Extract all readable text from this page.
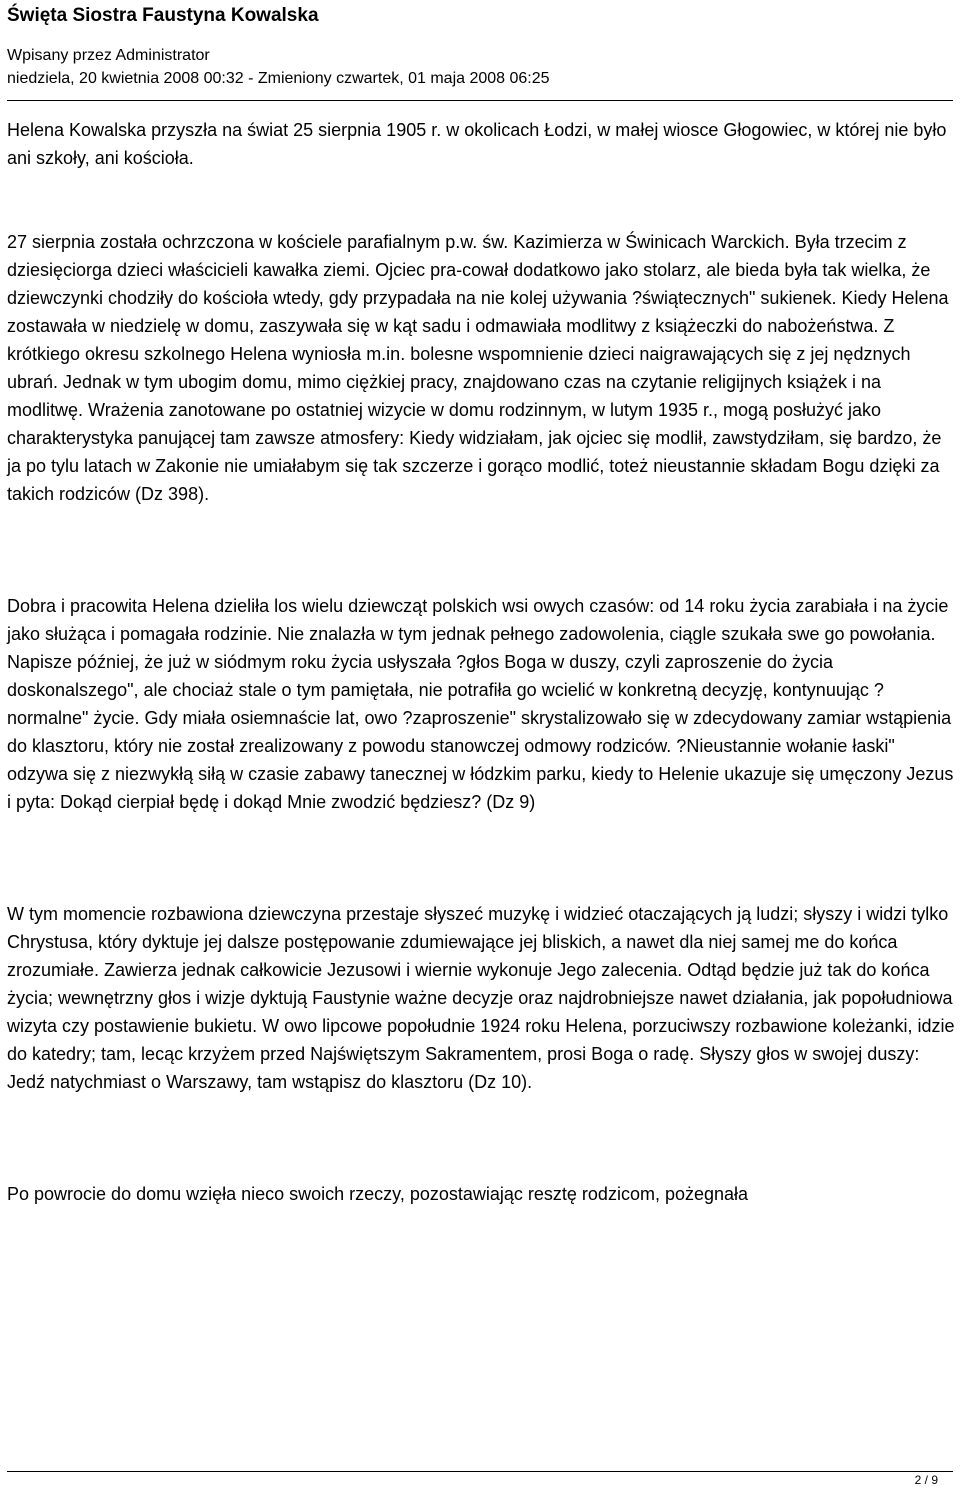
Święta Siostra Faustyna Kowalska
Wpisany przez Administrator
niedziela, 20 kwietnia 2008 00:32 - Zmieniony czwartek, 01 maja 2008 06:25

Helena Kowalska przyszła na świat 25 sierpnia 1905 r. w okolicach Łodzi, w małej wiosce Głogowiec, w której nie było ani szkoły, ani kościoła.

27 sierpnia została ochrzczona w kościele parafialnym p.w. św. Kazimierza w Świnicach Warckich. Była trzecim z dziesięciorga dzieci właścicieli kawałka ziemi. Ojciec pra-cował dodatkowo jako stolarz, ale bieda była tak wielka, że dziewczynki chodziły do kościoła wtedy, gdy przypadała na nie kolej używania ?świątecznych" sukienek. Kiedy Helena zostawała w niedzielę w domu, zaszywała się w kąt sadu i odmawiała modlitwy z książeczki do nabożeństwa. Z krótkiego okresu szkolnego Helena wyniosła m.in. bolesne wspomnienie dzieci naigrawających się z jej nędznych ubrań. Jednak w tym ubogim domu, mimo ciężkiej pracy, znajdowano czas na czytanie religijnych książek i na modlitwę. Wrażenia zanotowane po ostatniej wizycie w domu rodzinnym, w lutym 1935 r., mogą posłużyć jako charakterystyka panującej tam zawsze atmosfery: Kiedy widziałam, jak ojciec się modlił, zawstydziłam, się bardzo, że ja po tylu latach w Zakonie nie umiałabym się tak szczerze i gorąco modlić, toteż nieustannie składam Bogu dzięki za takich rodziców (Dz 398).

Dobra i pracowita Helena dzieliła los wielu dziewcząt polskich wsi owych czasów: od 14 roku życia zarabiała i na życie jako służąca i pomagała rodzinie. Nie znalazła w tym jednak pełnego zadowolenia, ciągle szukała swe go powołania. Napisze później, że już w siódmym roku życia usłyszała ?głos Boga w duszy, czyli zaproszenie do życia doskonalszego", ale chociaż stale o tym pamiętała, nie potrafiła go wcielić w konkretną decyzję, kontynuując ?normalne" życie. Gdy miała osiemnaście lat, owo ?zaproszenie" skrystalizowało się w zdecydowany zamiar wstąpienia do klasztoru, który nie został zrealizowany z powodu stanowczej odmowy rodziców. ?Nieustannie wołanie łaski" odzywa się z niezwykłą siłą w czasie zabawy tanecznej w łódzkim parku, kiedy to Helenie ukazuje się umęczony Jezus i pyta: Dokąd cierpiał będę i dokąd Mnie zwodzić będziesz? (Dz 9)

W tym momencie rozbawiona dziewczyna przestaje słyszeć muzykę i widzieć otaczających ją ludzi; słyszy i widzi tylko Chrystusa, który dyktuje jej dalsze postępowanie zdumiewające jej bliskich, a nawet dla niej samej me do końca zrozumiałe. Zawierza jednak całkowicie Jezusowi i wiernie wykonuje Jego zalecenia. Odtąd będzie już tak do końca życia; wewnętrzny głos i wizje dyktują Faustynie ważne decyzje oraz najdrobniejsze nawet działania, jak popołudniowa wizyta czy postawienie bukietu. W owo lipcowe popołudnie 1924 roku Helena, porzuciwszy rozbawione koleżanki, idzie do katedry; tam, lecąc krzyżem przed Najświętszym Sakramentem, prosi Boga o radę. Słyszy głos w swojej duszy: Jedź natychmiast o Warszawy, tam wstąpisz do klasztoru (Dz 10).

Po powrocie do domu wzięła nieco swoich rzeczy, pozostawiając resztę rodzicom, pożegnała

2 / 9
